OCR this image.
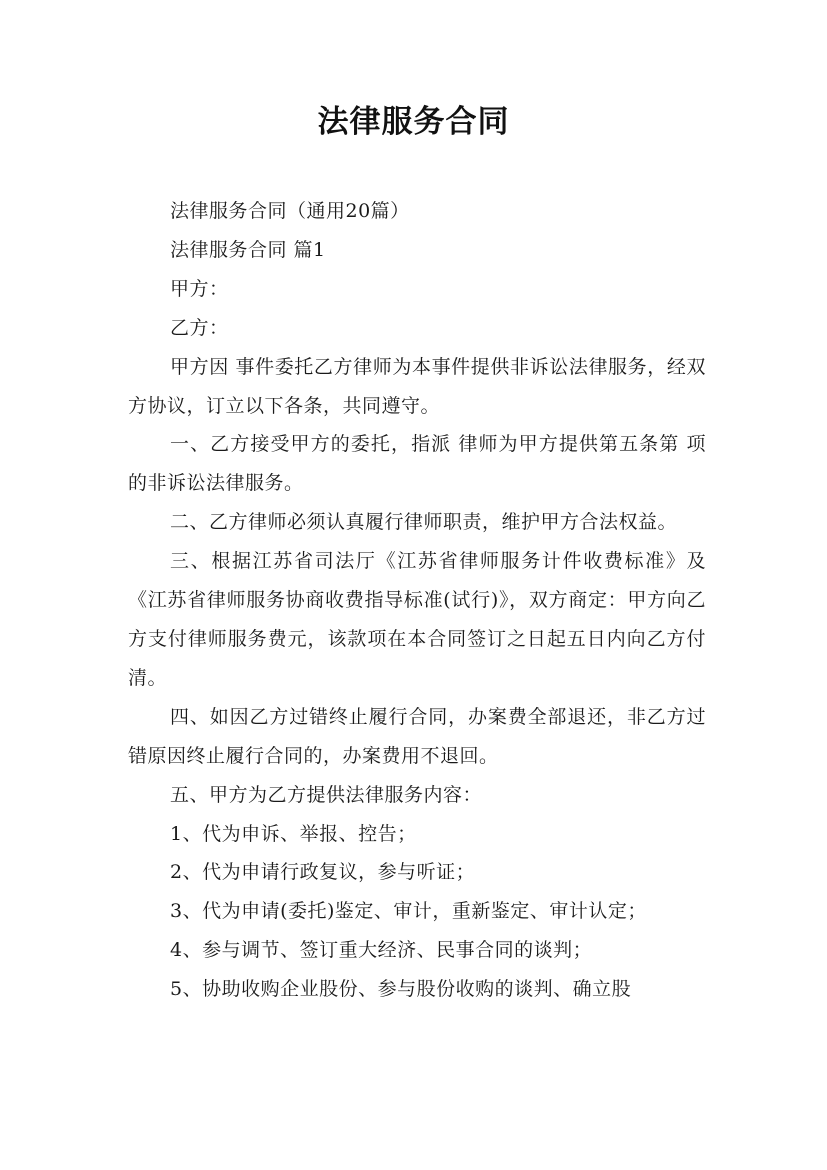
法律服务合同

法律服务合同（通用20篇）

法律服务合同 篇1

甲方：

乙方：

甲方因 事件委托乙方律师为本事件提供非诉讼法律服务，经双方协议，订立以下各条，共同遵守。

一、乙方接受甲方的委托，指派 律师为甲方提供第五条第 项 的非诉讼法律服务。

二、乙方律师必须认真履行律师职责，维护甲方合法权益。

三、根据江苏省司法厅《江苏省律师服务计件收费标准》及《江苏省律师服务协商收费指导标准(试行)》，双方商定：甲方向乙方支付律师服务费元，该款项在本合同签订之日起五日内向乙方付清。

四、如因乙方过错终止履行合同，办案费全部退还，非乙方过错原因终止履行合同的，办案费用不退回。

五、甲方为乙方提供法律服务内容：

1、代为申诉、举报、控告；

2、代为申请行政复议，参与听证；

3、代为申请(委托)鉴定、审计，重新鉴定、审计认定；

4、参与调节、签订重大经济、民事合同的谈判；

5、协助收购企业股份、参与股份收购的谈判、确立股
